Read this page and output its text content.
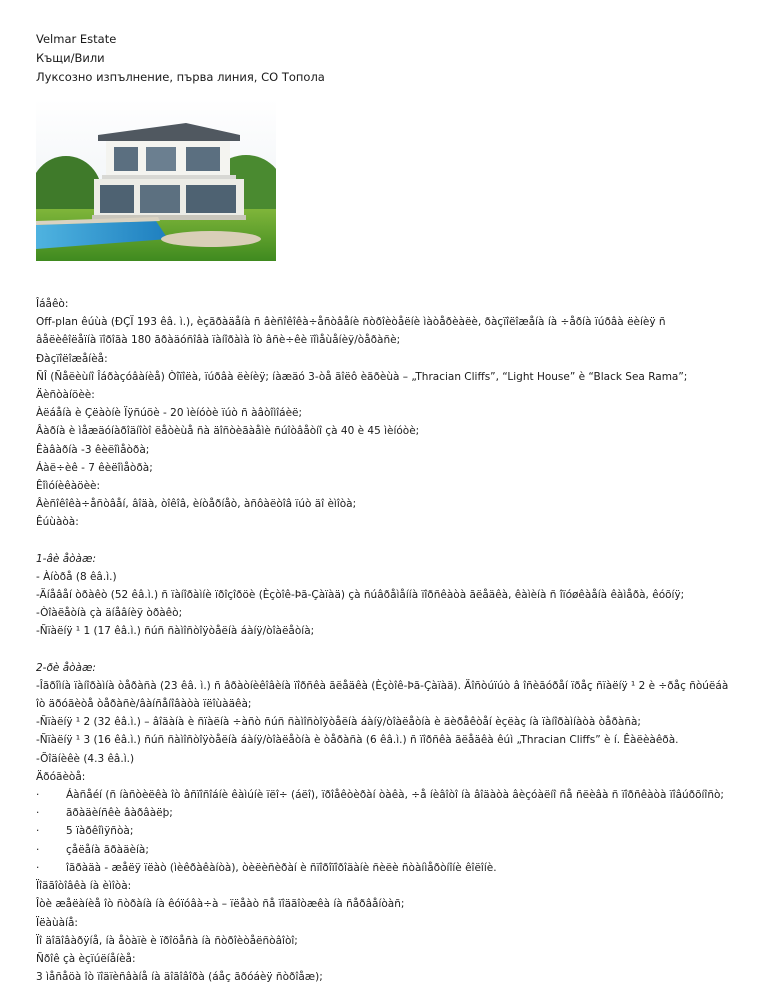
Velmar Estate
Къщи/Вили
Луксозно изпълнение, първа линия, СО Топола
Îáåêò:
Off-plan êúùà (ÐÇÏ 193 êâ. ì.), èçãðàäåíà ñ âèñîêîêà÷åñòâåíè ñòðîèòåëíè ìàòåðèàëè, ðàçïîëîæåíà íà ÷åðíà ïúðâà ëèíèÿ ñ
âåëèêîëåïíà ïîðîãà 180 ãðàäóñîâà ïàíîðàìà îò âñè÷êè ïîìåùåíèÿ/òåðàñè;
Ðàçïîëîæåíèå:
ÑÎ (Ñåëèùíî Îáðàçóâàíèå) Òîïîëà, ïúðâà ëèíèÿ; íàæäó 3-òå ãîëô èãðèùà – „Thracian Cliffs”, “Light House” è “Black Sea Rama”;
Äèñòàíöèè:
Àëáåíà è Çëàòíè Ïÿñúöè - 20 ìèíóòè ïúò ñ àâòîìîáèë;
Âàðíà è ìåæäóíàðîäíîòî ëåòèùå ñà äîñòèãàåìè ñúîòâåòíî çà 40 è 45 ìèíóòè;
Êàâàðíà -3 êèëîìåòðà;
Áàë÷èê - 7 êèëîìåòðà;
Êîìóíèêàöèè:
Âèñîêîêà÷åñòâåí, âîäà, òîêîâ, èíòåðíåò, àñôàëòîâ ïúò äî èìîòà;
Êúùàòà:
1-âè åòàæ:
- Àíòðå (8 êâ.ì.)
-Äíåâåí òðàêò (52 êâ.ì.) ñ ïàíîðàìíè ïðîçîðöè (Èçòîê-Þã-Çàïàä) çà ñúâðåìåííà ïîðñêàòà ãëåäêà, êàìèíà ñ îïóøêàåíà êàìåðà, êóõíÿ;
-Òîàëåòíà çà äíåâíèÿ òðàêò;
-Ñïàëíÿ ¹ 1 (17 êâ.ì.) ñúñ ñàìîñòîÿòåëíà áàíÿ/òîàëåòíà;
2-ðè åòàæ:
-Îãðîìíà ïàíîðàìíà òåðàñà (23 êâ. ì.) ñ âðàòíèêîâèíà ïîðñêà ãëåäêà (Èçòîê-Þã-Çàïàä). Äîñòúïúò â îñèãóðåí ïðåç ñïàëíÿ ¹ 2 è ÷ðåç ñòúëáà
îò äðóãèòå òåðàñè/âàíñåíîâàòà ïëîùàäêà;
-Ñïàëíÿ ¹ 2 (32 êâ.ì.) – âîäàíà è ñïàëíà ÷àñò ñúñ ñàìîñòîÿòåëíà áàíÿ/òîàëåòíà è äèðåêòåí èçëàç íà ïàíîðàìíàòà òåðàñà;
-Ñïàëíÿ ¹ 3 (16 êâ.ì.) ñúñ ñàìîñòîÿòåëíà áàíÿ/òîàëåòíà è òåðàñà (6 êâ.ì.) ñ ïîðñêà ãëåäêà êúì „Thracian Cliffs” è í. Êàëèàêðà.
-Õîäíèêè (4.3 êâ.ì.)
Äðóãèòå:
·	Áàñåéí (ñ íàñòèëêà îò âñïîñîáíè êàìúíè ïëî÷ (áëî), ïðîåêòèðàí òàêà, ÷å íèâîòî íà âîäàòà âèçóàëíî ñå ñëèâà ñ ïîðñêàòà ïîâúðõíîñò;
·	ãðàäèíñêè âàðâàëþ;
·	5 ïàðêîìÿñòà;
·	çåëåíà ãðàäèíà;
·	îãðàäà - æåëÿ ïëàò (ìèêðàêàíòà), òèëèñèðàí è ñïîðîïîðîäàíè ñèëè ñòàíìåðòíîíè êîëîíè.
Ïîäãîòîâêà íà èìîòà:
Îòè æåëàíèå îò ñòðàíà íà êóïóâà÷à – ïëåàò ñå ïîäãîòæêà íà ñåðâåíòàñ;
Ïëàùàíå:
Ïî äîãîâàðÿíå, íà åòàïè è ïðîöåñà íà ñòðîèòåëñòâîòî;
Ñðîê çà èçïúëíåíèå:
3 ìåñåöà îò ïîäïèñâàíå íà äîãîâîðà (áåç ãðóáèÿ ñòðîåæ);
